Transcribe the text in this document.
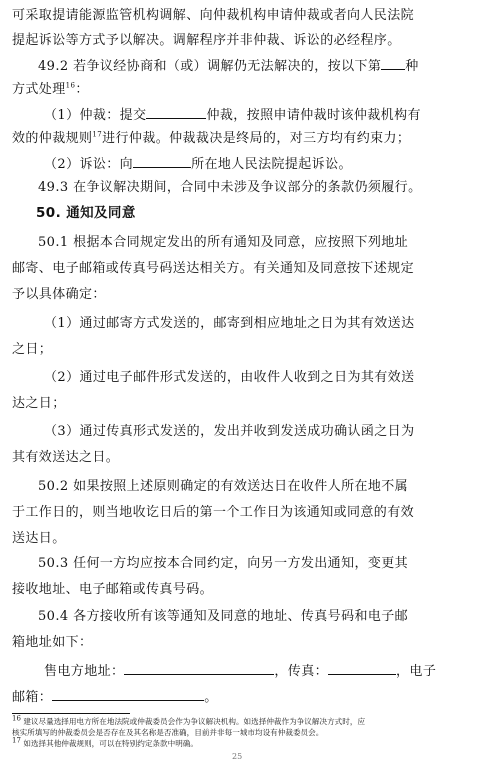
可采取提请能源监管机构调解、向仲裁机构申请仲裁或者向人民法院
提起诉讼等方式予以解决。调解程序并非仲裁、诉讼的必经程序。
49.2 若争议经协商和（或）调解仍无法解决的，按以下第 种
方式处理$^{16}$：
（1）仲裁：提交	仲裁，按照申请仲裁时该仲裁机构有
效的仲裁规则$^{17}$进行仲裁。仲裁裁决是终局的，对三方均有约束力；
（2）诉讼：向	所在地人民法院提起诉讼。
49.3 在争议解决期间，合同中未涉及争议部分的条款仍须履行。
50. 通知及同意
50.1 根据本合同规定发出的所有通知及同意，应按照下列地址
邮寄、电子邮箱或传真号码送达相关方。有关通知及同意按下述规定
予以具体确定：
（1）通过邮寄方式发送的，邮寄到相应地址之日为其有效送达
之日；
（2）通过电子邮件形式发送的，由收件人收到之日为其有效送
达之日；
（3）通过传真形式发送的，发出并收到发送成功确认函之日为
其有效送达之日。
50.2 如果按照上述原则确定的有效送达日在收件人所在地不属
于工作日的，则当地收讫日后的第一个工作日为该通知或同意的有效
送达日。
50.3 任何一方均应按本合同约定，向另一方发出通知，变更其
接收地址、电子邮箱或传真号码。
50.4 各方接收所有该等通知及同意的地址、传真号码和电子邮
箱地址如下：
售电方地址：	，传真：	，电子
邮箱：	。
$^{16}$ 建议尽量选择用电方所在地法院或仲裁委员会作为争议解决机构。如选择仲裁作为争议解决方式时，应
核实所填写的仲裁委员会是否存在及其名称是否准确，目前并非每一城市均设有仲裁委员会。
$^{17}$ 如选择其他仲裁规则，可以在特别约定条款中明确。
25
